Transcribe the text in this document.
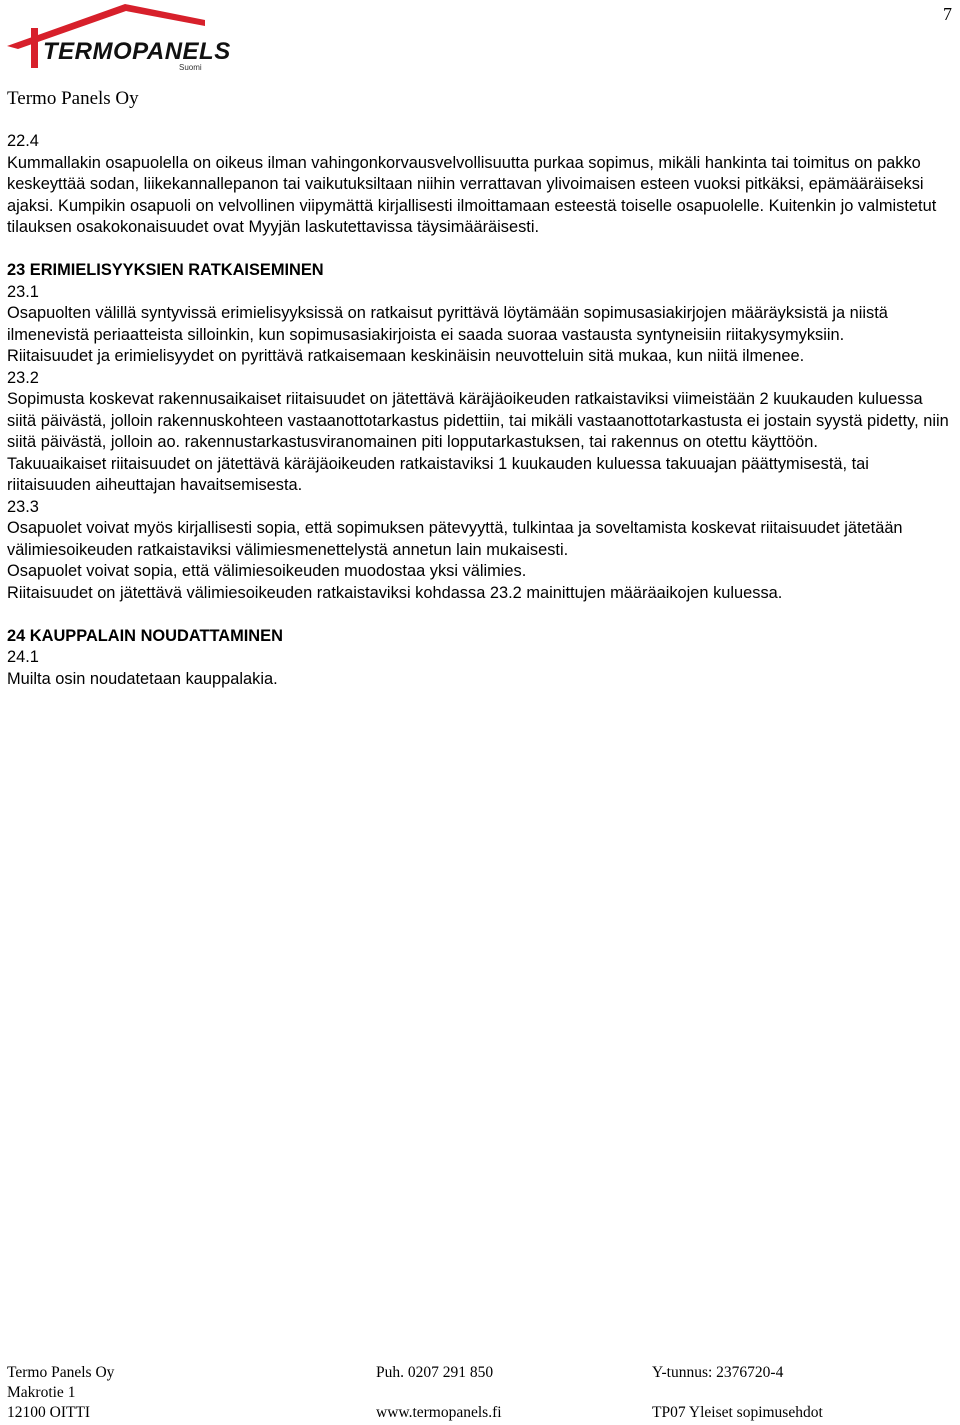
7
TERMOPANELS
Suomi
Termo Panels Oy

22.4

Kummallakin osapuolella on oikeus ilman vahingonkorvausvelvollisuutta purkaa sopimus, mikäli hankinta tai toimitus on pakko keskeyttää sodan, liikekannallepanon tai vaikutuksiltaan niihin verrattavan ylivoimaisen esteen vuoksi pitkäksi, epämääräiseksi ajaksi. Kumpikin osapuoli on velvollinen viipymättä kirjallisesti ilmoittamaan esteestä toiselle osapuolelle. Kuitenkin jo valmistetut tilauksen osakokonaisuudet ovat Myyjän laskutettavissa täysimääräisesti.

23 ERIMIELISYYKSIEN RATKAISEMINEN

23.1

Osapuolten välillä syntyvissä erimielisyyksissä on ratkaisut pyrittävä löytämään sopimusasiakirjojen määräyksistä ja niistä ilmenevistä periaatteista silloinkin, kun sopimusasiakirjoista ei saada suoraa vastausta syntyneisiin riitakysymyksiin.

Riitaisuudet ja erimielisyydet on pyrittävä ratkaisemaan keskinäisin neuvotteluin sitä mukaa, kun niitä ilmenee.

23.2

Sopimusta koskevat rakennusaikaiset riitaisuudet on jätettävä käräjäoikeuden ratkaistaviksi viimeistään 2 kuukauden kuluessa siitä päivästä, jolloin rakennuskohteen vastaanottotarkastus pidettiin, tai mikäli vastaanottotarkastusta ei jostain syystä pidetty, niin siitä päivästä, jolloin ao. rakennustarkastusviranomainen piti lopputarkastuksen, tai rakennus on otettu käyttöön.

Takuuaikaiset riitaisuudet on jätettävä käräjäoikeuden ratkaistaviksi 1 kuukauden kuluessa takuuajan päättymisestä, tai riitaisuuden aiheuttajan havaitsemisesta.

23.3

Osapuolet voivat myös kirjallisesti sopia, että sopimuksen pätevyyttä, tulkintaa ja soveltamista koskevat riitaisuudet jätetään välimiesoikeuden ratkaistaviksi välimiesmenettelystä annetun lain mukaisesti.

Osapuolet voivat sopia, että välimiesoikeuden muodostaa yksi välimies.

Riitaisuudet on jätettävä välimiesoikeuden ratkaistaviksi kohdassa 23.2 mainittujen määräaikojen kuluessa.

24 KAUPPALAIN NOUDATTAMINEN

24.1

Muilta osin noudatetaan kauppalakia.

Termo Panels Oy	Puh. 0207 291 850	Y-tunnus: 2376720-4
Makrotie 1
12100 OITTI	www.termopanels.fi	TP07 Yleiset sopimusehdot
